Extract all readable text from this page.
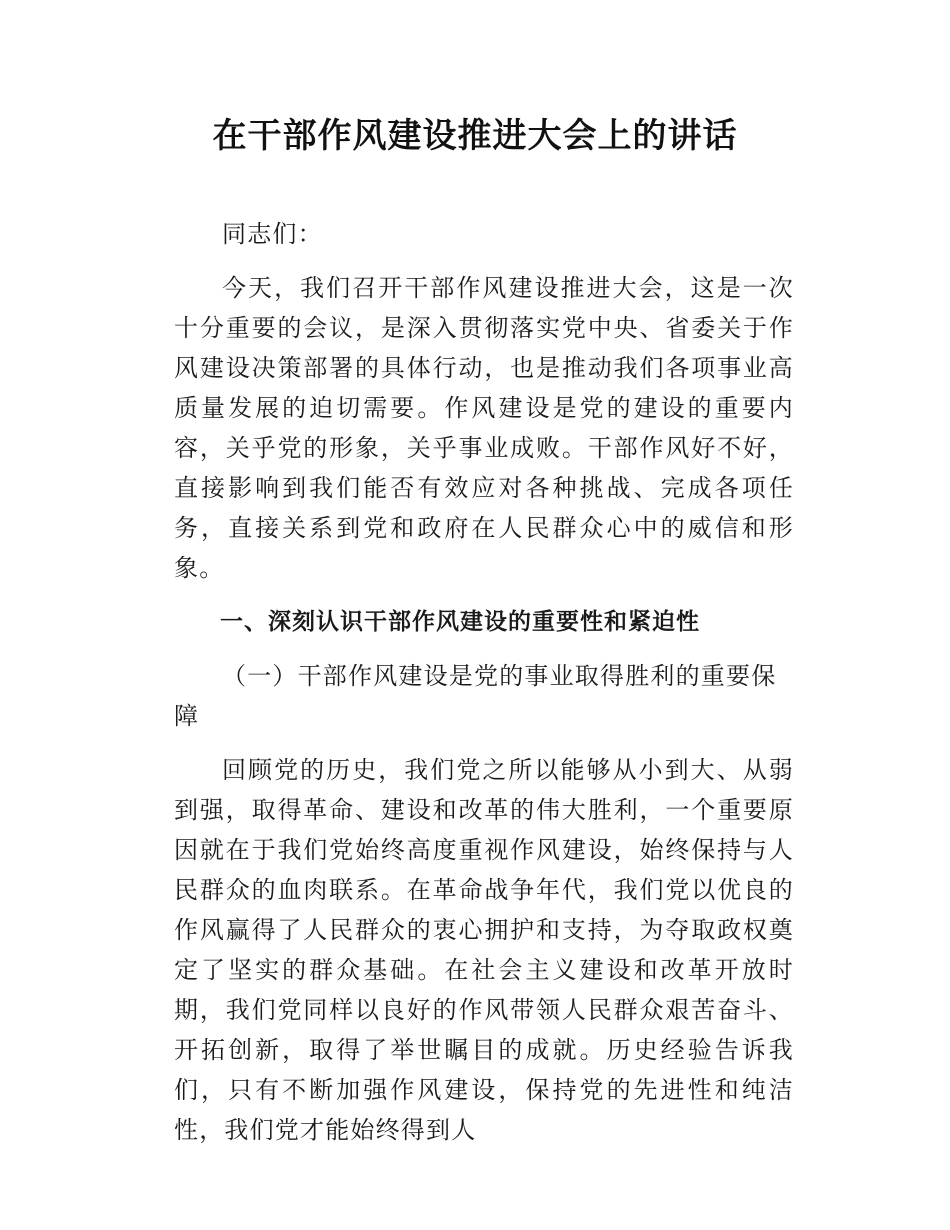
在干部作风建设推进大会上的讲话

同志们：

今天，我们召开干部作风建设推进大会，这是一次十分重要的会议，是深入贯彻落实党中央、省委关于作风建设决策部署的具体行动，也是推动我们各项事业高质量发展的迫切需要。作风建设是党的建设的重要内容，关乎党的形象，关乎事业成败。干部作风好不好，直接影响到我们能否有效应对各种挑战、完成各项任务，直接关系到党和政府在人民群众心中的威信和形象。

一、深刻认识干部作风建设的重要性和紧迫性

（一）干部作风建设是党的事业取得胜利的重要保障

回顾党的历史，我们党之所以能够从小到大、从弱到强，取得革命、建设和改革的伟大胜利，一个重要原因就在于我们党始终高度重视作风建设，始终保持与人民群众的血肉联系。在革命战争年代，我们党以优良的作风赢得了人民群众的衷心拥护和支持，为夺取政权奠定了坚实的群众基础。在社会主义建设和改革开放时期，我们党同样以良好的作风带领人民群众艰苦奋斗、开拓创新，取得了举世瞩目的成就。历史经验告诉我们，只有不断加强作风建设，保持党的先进性和纯洁性，我们党才能始终得到人
